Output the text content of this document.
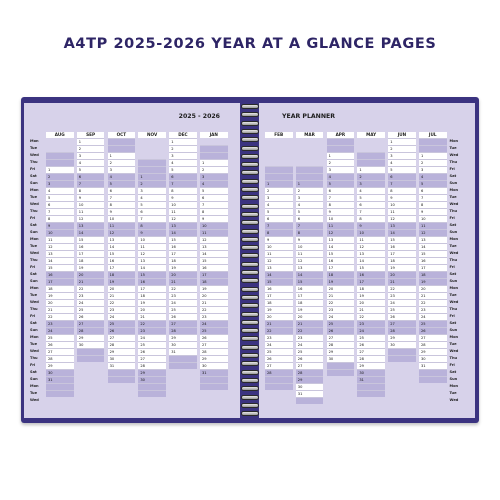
A4TP 2025-2026 YEAR AT A GLANCE PAGES
2025 - 2026
Mon
Tue
Wed
Thu
Fri
Sat
Sun
Mon
Tue
Wed
Thu
Fri
Sat
Sun
Mon
Tue
Wed
Thu
Fri
Sat
Sun
Mon
Tue
Wed
Thu
Fri
Sat
Sun
Mon
Tue
Wed
Thu
Fri
Sat
Sun
Mon
Tue
Wed
AUG
1
2
3
4
5
6
7
8
9
10
11
12
13
14
15
16
17
18
19
20
21
22
23
24
25
26
27
28
29
30
31
SEP
1
2
3
4
5
6
7
8
9
10
11
12
13
14
15
16
17
18
19
20
21
22
23
24
25
26
27
28
29
30
OCT
1
2
3
4
5
6
7
8
9
10
11
12
13
14
15
16
17
18
19
20
21
22
23
24
25
26
27
28
29
30
31
NOV
1
2
3
4
5
6
7
8
9
10
11
12
13
14
15
16
17
18
19
20
21
22
23
24
25
26
27
28
29
30
DEC
1
2
3
4
5
6
7
8
9
10
11
12
13
14
15
16
17
18
19
20
21
22
23
24
25
26
27
28
29
30
31
JAN
1
2
3
4
5
6
7
8
9
10
11
12
13
14
15
16
17
18
19
20
21
22
23
24
25
26
27
28
29
30
31
YEAR PLANNER
Mon
Tue
Wed
Thu
Fri
Sat
Sun
Mon
Tue
Wed
Thu
Fri
Sat
Sun
Mon
Tue
Wed
Thu
Fri
Sat
Sun
Mon
Tue
Wed
Thu
Fri
Sat
Sun
Mon
Tue
Wed
Thu
Fri
Sat
Sun
Mon
Tue
Wed
FEB
1
2
3
4
5
6
7
8
9
10
11
12
13
14
15
16
17
18
19
20
21
22
23
24
25
26
27
28
MAR
1
2
3
4
5
6
7
8
9
10
11
12
13
14
15
16
17
18
19
20
21
22
23
24
25
26
27
28
29
30
31
APR
1
2
3
4
5
6
7
8
9
10
11
12
13
14
15
16
17
18
19
20
21
22
23
24
25
26
27
28
29
30
MAY
1
2
3
4
5
6
7
8
9
10
11
12
13
14
15
16
17
18
19
20
21
22
23
24
25
26
27
28
29
30
31
JUN
1
2
3
4
5
6
7
8
9
10
11
12
13
14
15
16
17
18
19
20
21
22
23
24
25
26
27
28
29
30
JUL
1
2
3
4
5
6
7
8
9
10
11
12
13
14
15
16
17
18
19
20
21
22
23
24
25
26
27
28
29
30
31
